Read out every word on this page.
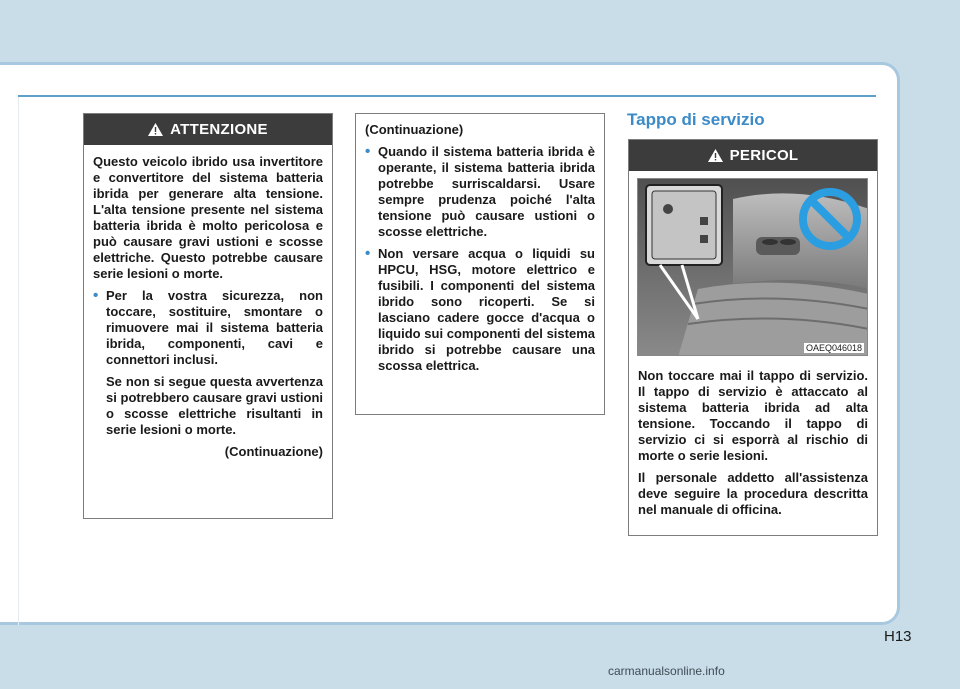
ATTENZIONE

Questo veicolo ibrido usa invertitore e convertitore del sistema batteria ibrida per generare alta tensione. L'alta tensione presente nel sistema batteria ibrida è molto pericolosa e può causare gravi ustioni e scosse elettriche. Questo potrebbe causare serie lesioni o morte.

• Per la vostra sicurezza, non toccare, sostituire, smontare o rimuovere mai il sistema batteria ibrida, componenti, cavi e connettori inclusi.
Se non si segue questa avvertenza si potrebbero causare gravi ustioni o scosse elettriche risultanti in serie lesioni o morte.
(Continuazione)

(Continuazione)

• Quando il sistema batteria ibrida è operante, il sistema batteria ibrida potrebbe surriscaldarsi. Usare sempre prudenza poiché l'alta tensione può causare ustioni o scosse elettriche.
• Non versare acqua o liquidi su HPCU, HSG, motore elettrico e fusibili. I componenti del sistema ibrido sono ricoperti. Se si lasciano cadere gocce d'acqua o liquido sui componenti del sistema ibrido si potrebbe causare una scossa elettrica.
Tappo di servizio
PERICOL
OAEQ046018

Non toccare mai il tappo di servizio. Il tappo di servizio è attaccato al sistema batteria ibrida ad alta tensione. Toccando il tappo di servizio ci si esporrà al rischio di morte o serie lesioni.

Il personale addetto all'assistenza deve seguire la procedura descritta nel manuale di officina.

H13
carmanualsonline.info
